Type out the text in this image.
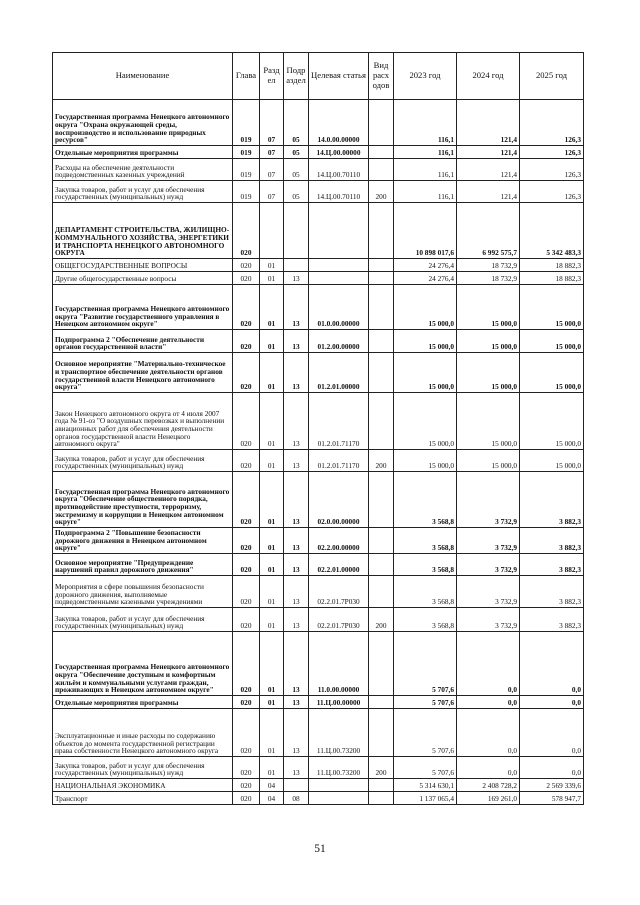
Наименование	Глава	Разд ел	Подр аздел	Целевая статья	Вид расх одов	2023 год	2024 год	2025 год
Государственная программа Ненецкого автономного округа "Охрана окружающей среды, воспроизводство и использование природных ресурсов"	019	07	05	14.0.00.00000		116,1	121,4	126,3
Отдельные мероприятия программы	019	07	05	14.Ц.00.00000		116,1	121,4	126,3
Расходы на обеспечение деятельности подведомственных казенных учреждений	019	07	05	14.Ц.00.70110		116,1	121,4	126,3
Закупка товаров, работ и услуг для обеспечения государственных (муниципальных) нужд	019	07	05	14.Ц.00.70110	200	116,1	121,4	126,3
ДЕПАРТАМЕНТ СТРОИТЕЛЬСТВА, ЖИЛИЩНО-КОММУНАЛЬНОГО ХОЗЯЙСТВА, ЭНЕРГЕТИКИ И ТРАНСПОРТА НЕНЕЦКОГО АВТОНОМНОГО ОКРУГА	020					10 898 017,6	6 992 575,7	5 342 483,3
ОБЩЕГОСУДАРСТВЕННЫЕ ВОПРОСЫ	020	01				24 276,4	18 732,9	18 882,3
Другие общегосударственные вопросы	020	01	13			24 276,4	18 732,9	18 882,3
Государственная программа Ненецкого автономного округа "Развитие государственного управления в Ненецком автономном округе"	020	01	13	01.0.00.00000		15 000,0	15 000,0	15 000,0
Подпрограмма 2 "Обеспечение деятельности органов государственной власти"	020	01	13	01.2.00.00000		15 000,0	15 000,0	15 000,0
Основное мероприятие "Материально-техническое и транспортное обеспечение деятельности органов государственной власти Ненецкого автономного округа"	020	01	13	01.2.01.00000		15 000,0	15 000,0	15 000,0
Закон Ненецкого автономного округа от 4 июля 2007 года № 91-оз "О воздушных перевозках и выполнении авиационных работ для обеспечения деятельности органов государственной власти Ненецкого автономного округа"	020	01	13	01.2.01.71170		15 000,0	15 000,0	15 000,0
Закупка товаров, работ и услуг для обеспечения государственных (муниципальных) нужд	020	01	13	01.2.01.71170	200	15 000,0	15 000,0	15 000,0
Государственная программа Ненецкого автономного округа "Обеспечение общественного порядка, противодействие преступности, терроризму, экстремизму и коррупции в Ненецком автономном округе"	020	01	13	02.0.00.00000		3 568,8	3 732,9	3 882,3
Подпрограмма 2 "Повышение безопасности дорожного движения в Ненецком автономном округе"	020	01	13	02.2.00.00000		3 568,8	3 732,9	3 882,3
Основное мероприятие "Предупреждение нарушений правил дорожного движения"	020	01	13	02.2.01.00000		3 568,8	3 732,9	3 882,3
Мероприятия в сфере повышения безопасности дорожного движения, выполняемые подведомственными казенными учреждениями	020	01	13	02.2.01.7Р030		3 568,8	3 732,9	3 882,3
Закупка товаров, работ и услуг для обеспечения государственных (муниципальных) нужд	020	01	13	02.2.01.7Р030	200	3 568,8	3 732,9	3 882,3
Государственная программа Ненецкого автономного округа "Обеспечение доступным и комфортным жильём и коммунальными услугами граждан, проживающих в Ненецком автономном округе"	020	01	13	11.0.00.00000		5 707,6	0,0	0,0
Отдельные мероприятия программы	020	01	13	11.Ц.00.00000		5 707,6	0,0	0,0
Эксплуатационные и иные расходы по содержанию объектов до момента государственной регистрации права собственности Ненецкого автономного округа	020	01	13	11.Ц.00.73200		5 707,6	0,0	0,0
Закупка товаров, работ и услуг для обеспечения государственных (муниципальных) нужд	020	01	13	11.Ц.00.73200	200	5 707,6	0,0	0,0
НАЦИОНАЛЬНАЯ ЭКОНОМИКА	020	04				5 314 630,1	2 408 728,2	2 569 339,6
Транспорт	020	04	08			1 137 065,4	169 261,0	578 947,7
51
